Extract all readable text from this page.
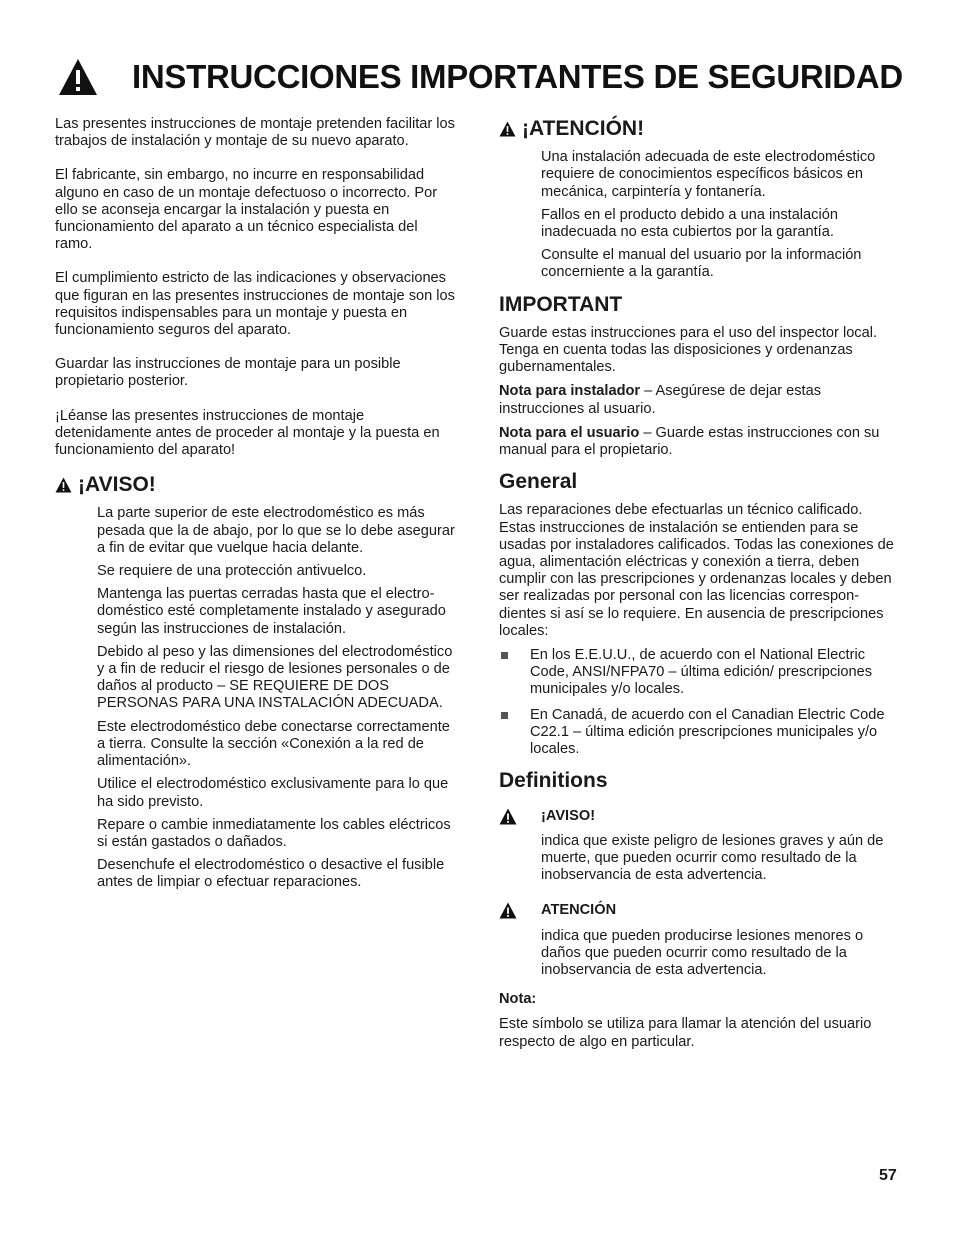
INSTRUCCIONES IMPORTANTES DE SEGURIDAD

Las presentes instrucciones de montaje pretenden facilitar los trabajos de instalación y montaje de su nuevo aparato.

El fabricante, sin embargo, no incurre en responsabilidad alguno en caso de un montaje defectuoso o incorrecto. Por ello se aconseja encargar la instalación y puesta en funcionamiento del aparato a un técnico especialista del ramo.

El cumplimiento estricto de las indicaciones y observaciones que figuran en las presentes instrucciones de montaje son los requisitos indispensables para un montaje y puesta en funcionamiento seguros del aparato.

Guardar las instrucciones de montaje para un posible propietario posterior.

¡Léanse las presentes instrucciones de montaje detenidamente antes de proceder al montaje y la puesta en funcionamiento del aparato!

¡AVISO!

La parte superior de este electrodoméstico es más pesada que la de abajo, por lo que se lo debe asegurar a fin de evitar que vuelque hacia delante.

Se requiere de una protección antivuelco.

Mantenga las puertas cerradas hasta que el electro-doméstico esté completamente instalado y asegurado según las instrucciones de instalación.

Debido al peso y las dimensiones del electrodoméstico y a fin de reducir el riesgo de lesiones personales o de daños al producto – SE REQUIERE DE DOS PERSONAS PARA UNA INSTALACIÓN ADECUADA.

Este electrodoméstico debe conectarse correctamente a tierra. Consulte la sección «Conexión a la red de alimentación».

Utilice el electrodoméstico exclusivamente para lo que ha sido previsto.

Repare o cambie inmediatamente los cables eléctricos si están gastados o dañados.

Desenchufe el electrodoméstico o desactive el fusible antes de limpiar o efectuar reparaciones.

¡ATENCIÓN!

Una instalación adecuada de este electrodoméstico requiere de conocimientos específicos básicos en mecánica, carpintería y fontanería.

Fallos en el producto debido a una instalación inadecuada no esta cubiertos por la garantía.

Consulte el manual del usuario por la información concerniente a la garantía.

IMPORTANT

Guarde estas instrucciones para el uso del inspector local. Tenga en cuenta todas las disposiciones y ordenanzas gubernamentales.

Nota para instalador – Asegúrese de dejar estas instrucciones al usuario.

Nota para el usuario – Guarde estas instrucciones con su manual para el propietario.

General

Las reparaciones debe efectuarlas un técnico calificado. Estas instrucciones de instalación se entienden para se usadas por instaladores calificados. Todas las conexiones de agua, alimentación eléctricas y conexión a tierra, deben cumplir con las prescripciones y ordenanzas locales y deben ser realizadas por personal con las licencias correspon-dientes si así se lo requiere. En ausencia de prescripciones locales:

En los E.E.U.U., de acuerdo con el National Electric Code, ANSI/NFPA70 – última edición/ prescripciones municipales y/o locales.
En Canadá, de acuerdo con el Canadian Electric Code C22.1 – última edición prescripciones municipales y/o locales.
Definitions
¡AVISO!

indica que existe peligro de lesiones graves y aún de muerte, que pueden ocurrir como resultado de la inobservancia de esta advertencia.

ATENCIÓN

indica que pueden producirse lesiones menores o daños que pueden ocurrir como resultado de la inobservancia de esta advertencia.

Nota:

Este símbolo se utiliza para llamar la atención del usuario respecto de algo en particular.

57
